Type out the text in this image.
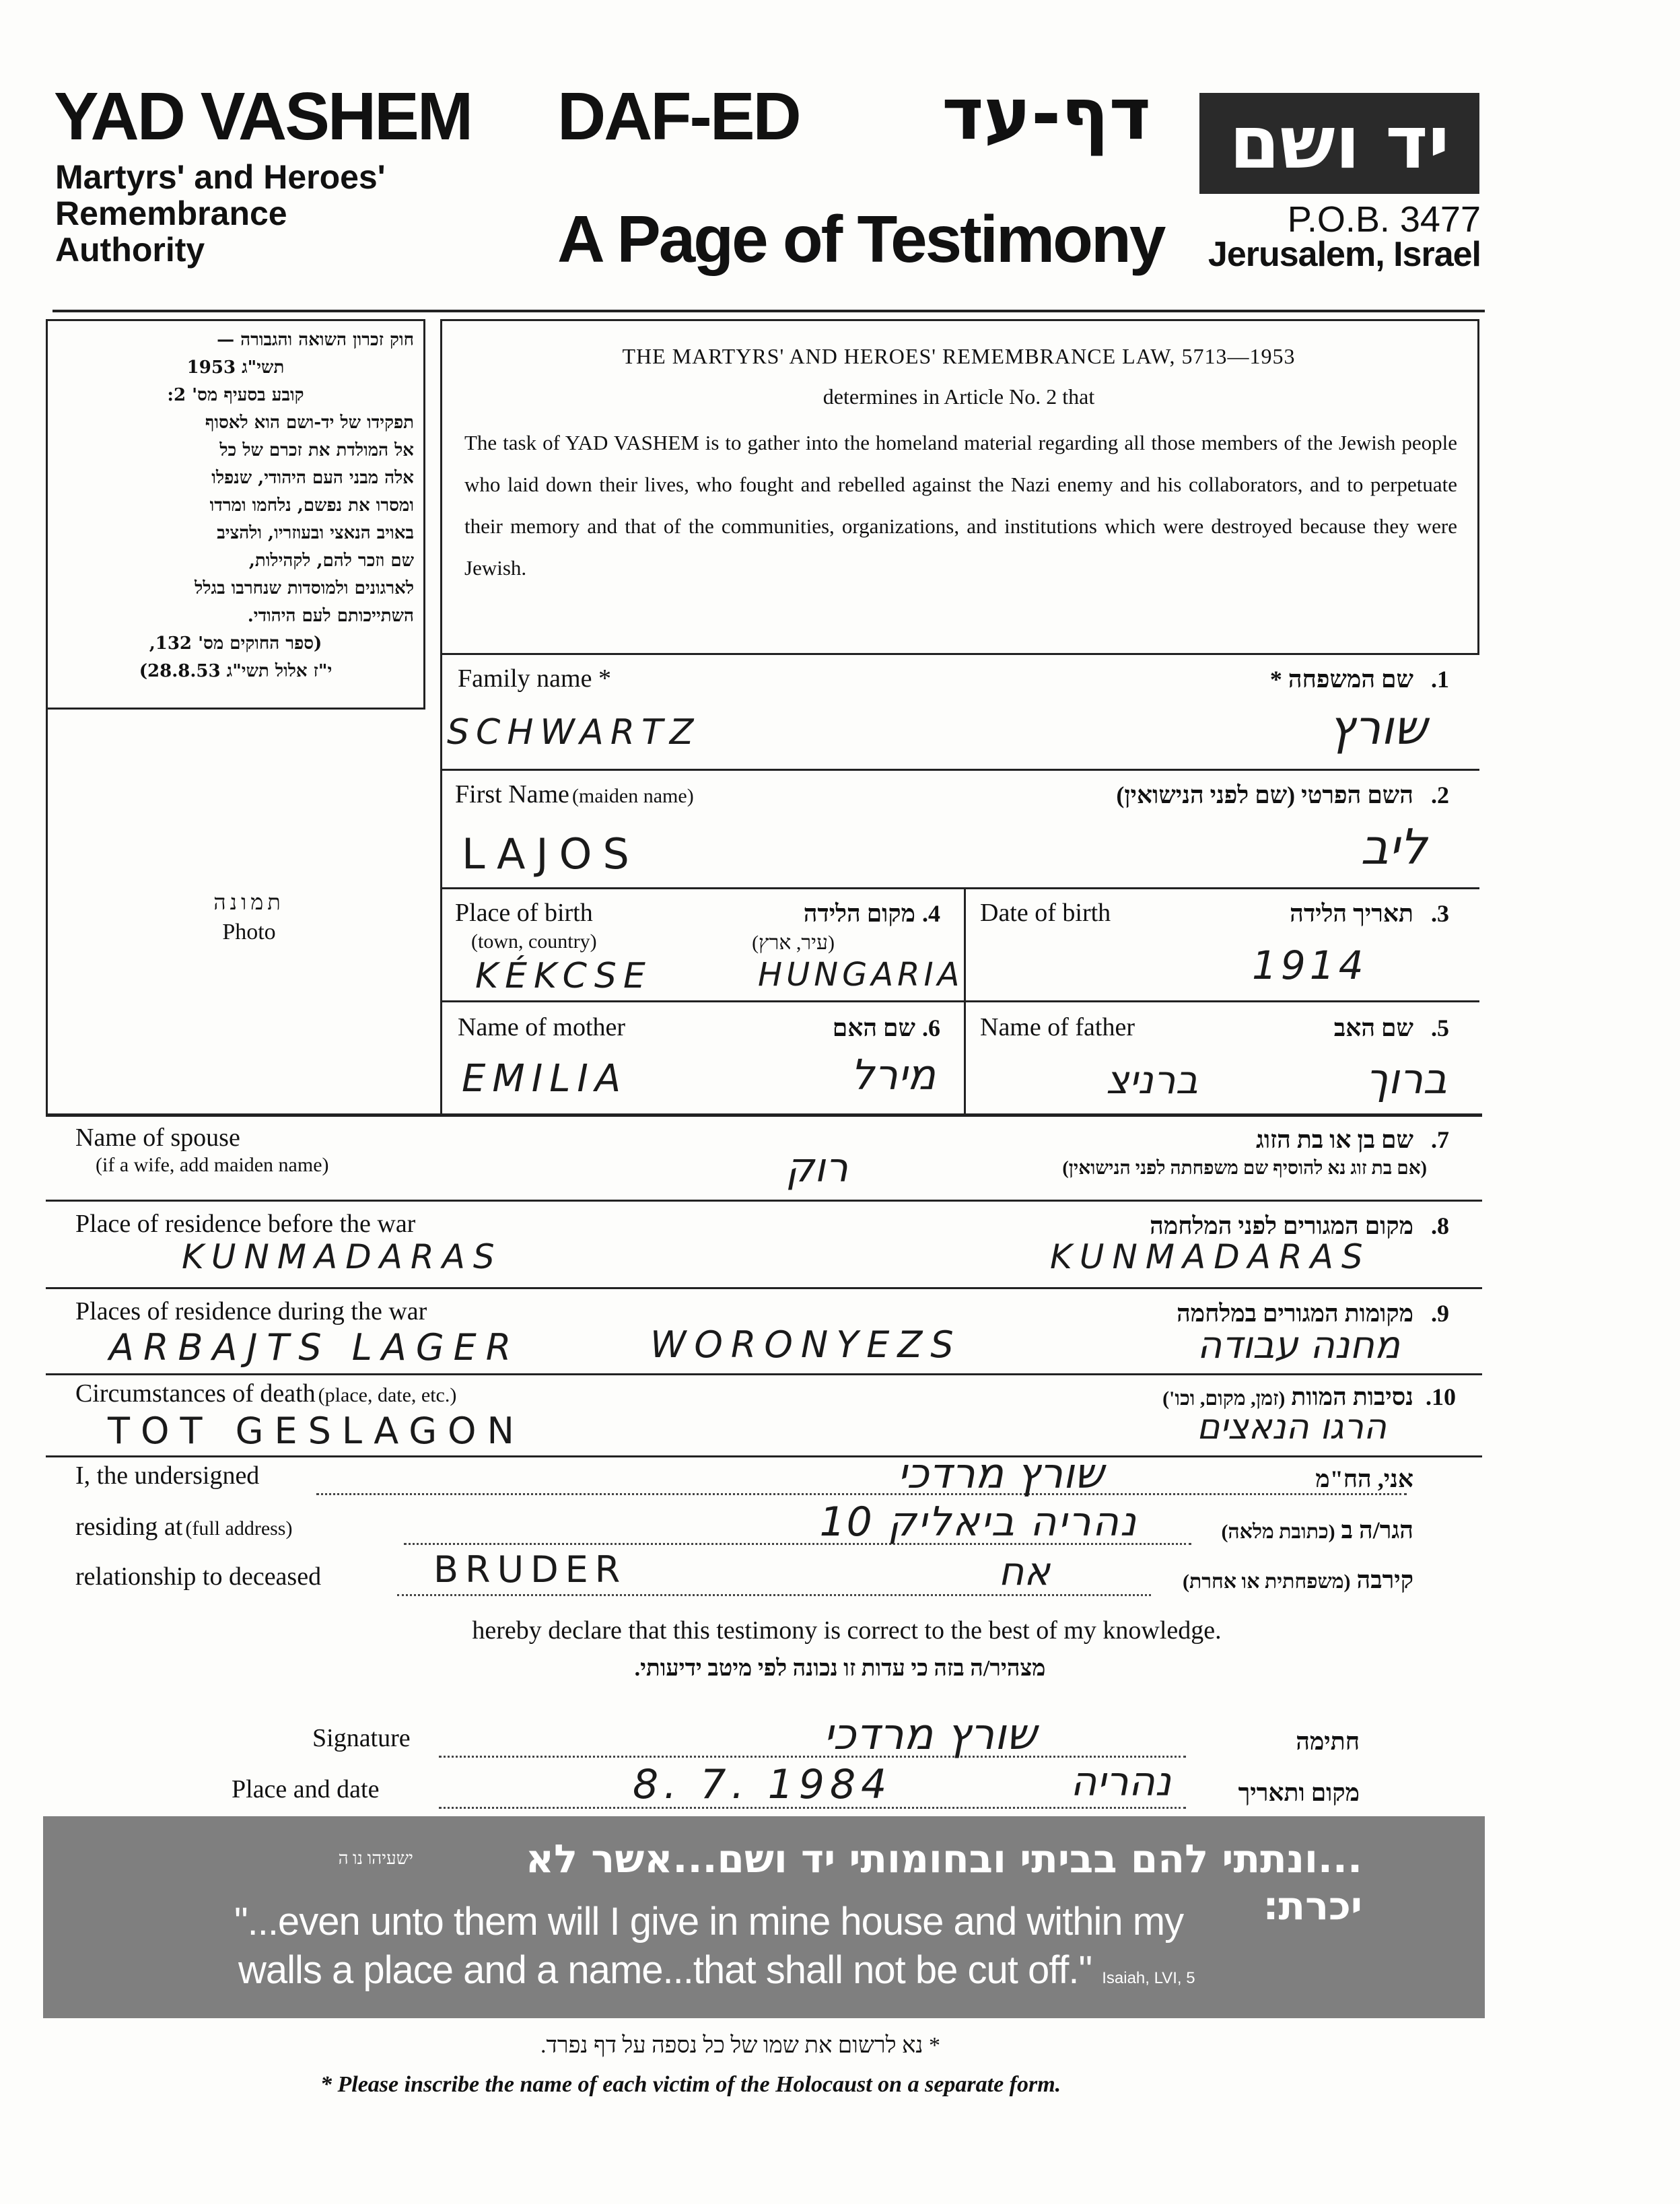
YAD VASHEM
Martyrs' and Heroes'
Remembrance
Authority
DAF-ED	דף-עד
A Page of Testimony
יד ושם
P.O.B. 3477
Jerusalem, Israel
חוק זכרון השואה והגבורה —
תשי"ג 1953
קובע בסעיף מס' 2:
תפקידו של יד-ושם הוא לאסוף
אל המולדת את זכרם של כל
אלה מבני העם היהודי, שנפלו
ומסרו את נפשם, נלחמו ומרדו
באויב הנאצי ובעוזריו, ולהציב
שם וזכר להם, לקהילות,
לארגונים ולמוסדות שנחרבו בגלל
השתייכותם לעם היהודי.
(ספר החוקים מס' 132,
י"ז אלול תשי"ג 28.8.53)
תמונה
Photo
THE MARTYRS' AND HEROES' REMEMBRANCE LAW, 5713—1953
determines in Article No. 2 that
The task of YAD VASHEM is to gather into the homeland material regarding all those members of the Jewish people who laid down their lives, who fought and rebelled against the Nazi enemy and his collaborators, and to perpetuate their memory and that of the communities, organizations, and institutions which were destroyed because they were Jewish.
Family name *	שם המשפחה * .1
SCHWARTZ	שורץ
First Name (maiden name)	השם הפרטי (שם לפני הנישואין) .2
LAJOS	ליב
Place of birth
(town, country)
מקום הלידה .4
(עיר, ארץ)
KÉKCSE	HUNGARIA
Date of birth	תאריך הלידה .3
1914
Name of mother	שם האם .6
EMILIA	מירל
Name of father	שם האב .5
ברניצ	ברוך
Name of spouse
(if a wife, add maiden name)
שם בן או בת הזוג .7
(אם בת זוג נא להוסיף שם משפחתה לפני הנישואין)
רוק
Place of residence before the war	מקום המגורים לפני המלחמה .8
KUNMADARAS	KUNMADARAS
Places of residence during the war	מקומות המגורים במלחמה .9
ARBAJTS LAGER	WORONYEZS	מחנה עבודה
Circumstances of death (place, date, etc.)	נסיבות המוות (זמן, מקום, וכו')	.10
TOT GESLAGON	הרגו הנאצים
I, the undersigned	אני, הח"מ
שורץ מרדכי
residing at (full address)	הגר/ה ב (כתובת מלאה)
נהריה ביאליק 10
relationship to deceased	קירבה (משפחתית או אחרת)
BRUDER	אח
hereby declare that this testimony is correct to the best of my knowledge.
מצהיר/ה בזה כי עדות זו נכונה לפי מיטב ידיעותי.
Signature	חתימה
שורץ מרדכי
Place and date	מקום ותאריך
8. 7. 1984	נהריה
...ונתתי להם בביתי ובחומותי יד ושם...אשר לא יכרת:
ישעיהו נו ה
"...even unto them will I give in mine house and within my
walls a place and a name...that shall not be cut off." Isaiah, LVI, 5
* נא לרשום את שמו של כל נספה על דף נפרד.
* Please inscribe the name of each victim of the Holocaust on a separate form.
